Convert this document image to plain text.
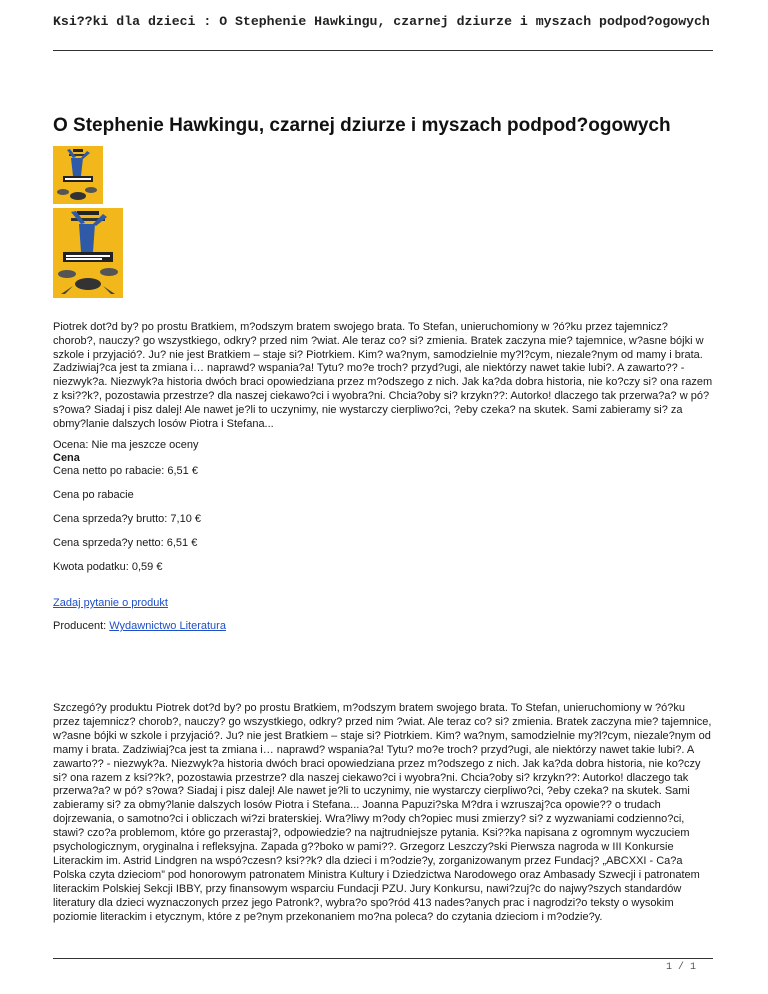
Ksi??ki dla dzieci : O Stephenie Hawkingu, czarnej dziurze i myszach podpod?ogowych
O Stephenie Hawkingu, czarnej dziurze i myszach podpod?ogowych

Piotrek dot?d by? po prostu Bratkiem, m?odszym bratem swojego brata. To Stefan, unieruchomiony w ?ó?ku przez tajemnicz? chorob?, nauczy? go wszystkiego, odkry? przed nim ?wiat. Ale teraz co? si? zmienia. Bratek zaczyna mie? tajemnice, w?asne bójki w szkole i przyjació?. Ju? nie jest Bratkiem – staje si? Piotrkiem. Kim? wa?nym, samodzielnie my?l?cym, niezale?nym od mamy i brata. Zadziwiaj?ca jest ta zmiana i… naprawd? wspania?a! Tytu? mo?e troch? przyd?ugi, ale niektórzy nawet takie lubi?. A zawarto?? - niezwyk?a. Niezwyk?a historia dwóch braci opowiedziana przez m?odszego z nich. Jak ka?da dobra historia, nie ko?czy si? ona razem z ksi??k?, pozostawia przestrze? dla naszej ciekawo?ci i wyobra?ni. Chcia?oby si? krzykn??: Autorko! dlaczego tak przerwa?a? w pó? s?owa? Siadaj i pisz dalej! Ale nawet je?li to uczynimy, nie wystarczy cierpliwo?ci, ?eby czeka? na skutek. Sami zabieramy si? za obmy?lanie dalszych losów Piotra i Stefana...

Ocena: Nie ma jeszcze oceny

Cena

Cena netto po rabacie: 6,51 €

Cena po rabacie

Cena sprzeda?y brutto: 7,10 €

Cena sprzeda?y netto: 6,51 €

Kwota podatku: 0,59 €

Zadaj pytanie o produkt

Producent: Wydawnictwo Literatura

Szczegó?y produktu Piotrek dot?d by? po prostu Bratkiem, m?odszym bratem swojego brata. To Stefan, unieruchomiony w ?ó?ku przez tajemnicz? chorob?, nauczy? go wszystkiego, odkry? przed nim ?wiat. Ale teraz co? si? zmienia. Bratek zaczyna mie? tajemnice, w?asne bójki w szkole i przyjació?. Ju? nie jest Bratkiem – staje si? Piotrkiem. Kim? wa?nym, samodzielnie my?l?cym, niezale?nym od mamy i brata. Zadziwiaj?ca jest ta zmiana i… naprawd? wspania?a! Tytu? mo?e troch? przyd?ugi, ale niektórzy nawet takie lubi?. A zawarto?? - niezwyk?a. Niezwyk?a historia dwóch braci opowiedziana przez m?odszego z nich. Jak ka?da dobra historia, nie ko?czy si? ona razem z ksi??k?, pozostawia przestrze? dla naszej ciekawo?ci i wyobra?ni. Chcia?oby si? krzykn??: Autorko! dlaczego tak przerwa?a? w pó? s?owa? Siadaj i pisz dalej! Ale nawet je?li to uczynimy, nie wystarczy cierpliwo?ci, ?eby czeka? na skutek. Sami zabieramy si? za obmy?lanie dalszych losów Piotra i Stefana... Joanna Papuzi?ska M?dra i wzruszaj?ca opowie?? o trudach dojrzewania, o samotno?ci i obliczach wi?zi braterskiej. Wra?liwy m?ody ch?opiec musi zmierzy? si? z wyzwaniami codzienno?ci, stawi? czo?a problemom, które go przerastaj?, odpowiedzie? na najtrudniejsze pytania. Ksi??ka napisana z ogromnym wyczuciem psychologicznym, oryginalna i refleksyjna. Zapada g??boko w pami??. Grzegorz Leszczy?ski Pierwsza nagroda w III Konkursie Literackim im. Astrid Lindgren na wspó?czesn? ksi??k? dla dzieci i m?odzie?y, zorganizowanym przez Fundacj? „ABCXXI - Ca?a Polska czyta dzieciom” pod honorowym patronatem Ministra Kultury i Dziedzictwa Narodowego oraz Ambasady Szwecji i patronatem literackim Polskiej Sekcji IBBY, przy finansowym wsparciu Fundacji PZU. Jury Konkursu, nawi?zuj?c do najwy?szych standardów literatury dla dzieci wyznaczonych przez jego Patronk?, wybra?o spo?ród 413 nades?anych prac i nagrodzi?o teksty o wysokim poziomie literackim i etycznym, które z pe?nym przekonaniem mo?na poleca? do czytania dzieciom i m?odzie?y.

1 / 1
